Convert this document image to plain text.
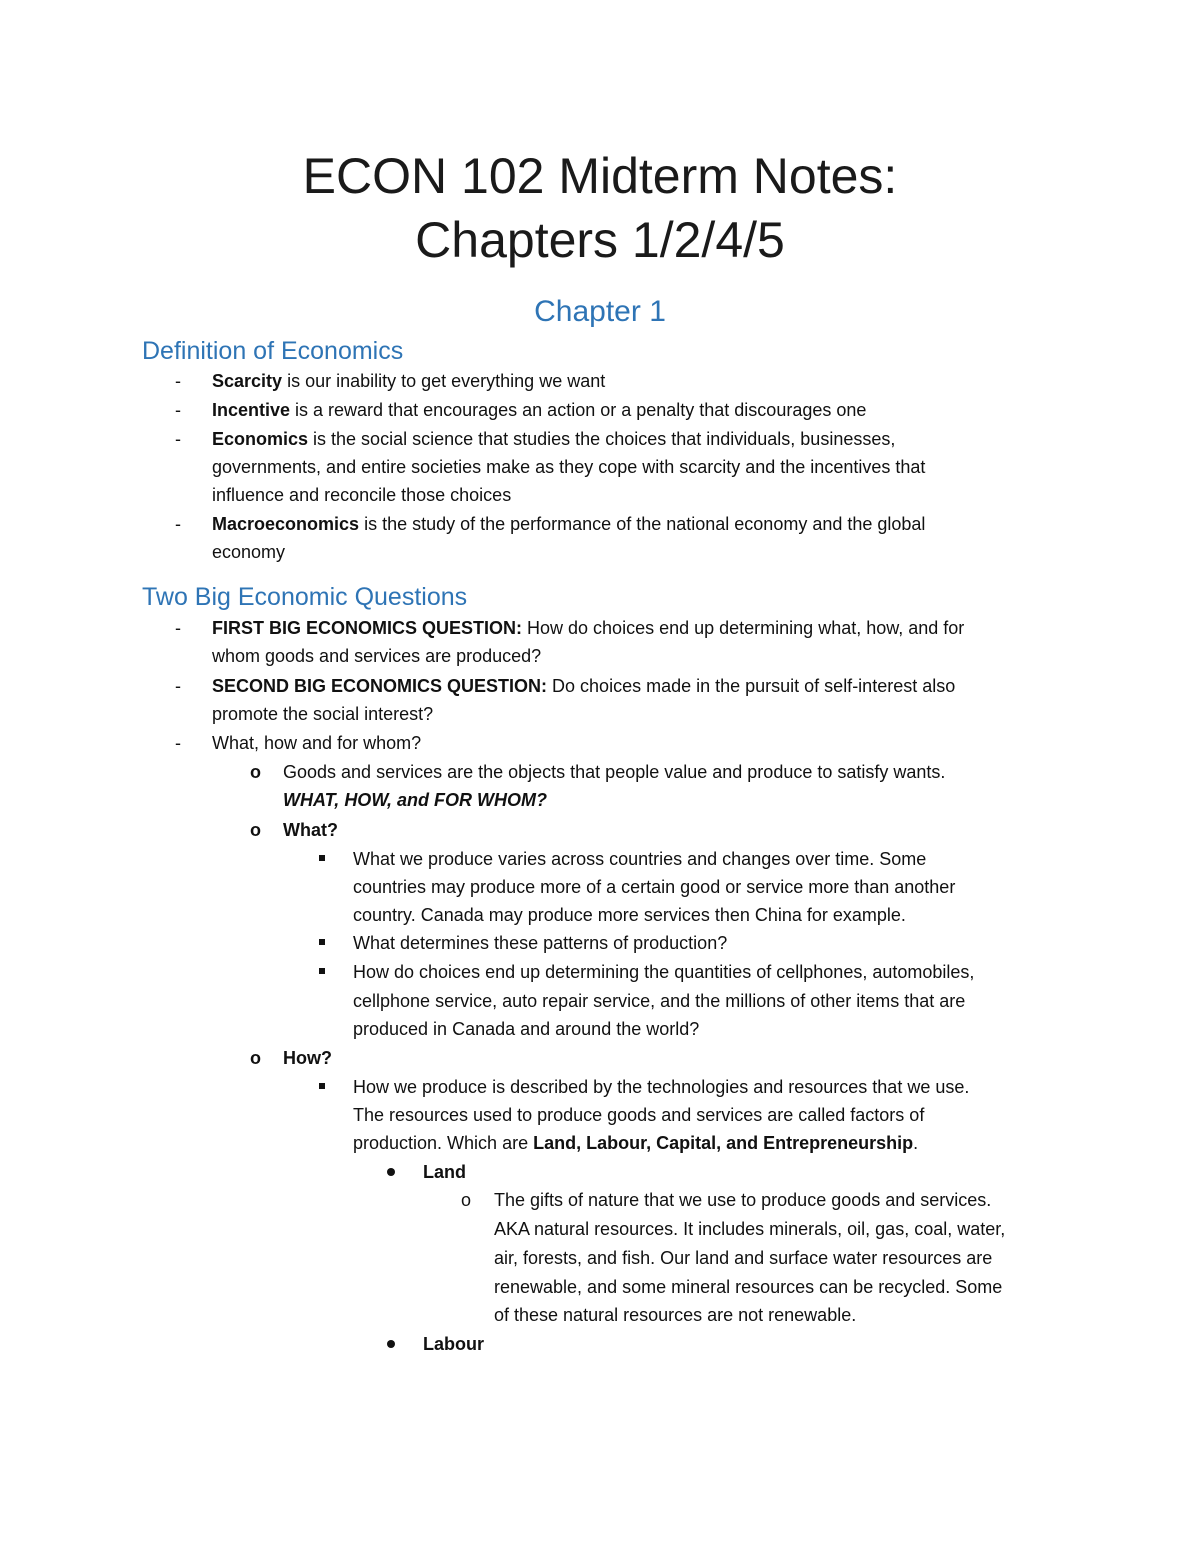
ECON 102 Midterm Notes:
Chapters 1/2/4/5
Chapter 1
Definition of Economics
- Scarcity is our inability to get everything we want
- Incentive is a reward that encourages an action or a penalty that discourages one
- Economics is the social science that studies the choices that individuals, businesses,
governments, and entire societies make as they cope with scarcity and the incentives that
influence and reconcile those choices
- Macroeconomics is the study of the performance of the national economy and the global
economy
Two Big Economic Questions
- FIRST BIG ECONOMICS QUESTION: How do choices end up determining what, how, and for
whom goods and services are produced?
- SECOND BIG ECONOMICS QUESTION: Do choices made in the pursuit of self-interest also
promote the social interest?
- What, how and for whom?
o Goods and services are the objects that people value and produce to satisfy wants.
WHAT, HOW, and FOR WHOM?
o What?
What we produce varies across countries and changes over time. Some
countries may produce more of a certain good or service more than another
country. Canada may produce more services then China for example.
What determines these patterns of production?
How do choices end up determining the quantities of cellphones, automobiles,
cellphone service, auto repair service, and the millions of other items that are
produced in Canada and around the world?
o How?
How we produce is described by the technologies and resources that we use.
The resources used to produce goods and services are called factors of
production. Which are Land, Labour, Capital, and Entrepreneurship.
Land
o The gifts of nature that we use to produce goods and services.
AKA natural resources. It includes minerals, oil, gas, coal, water,
air, forests, and fish. Our land and surface water resources are
renewable, and some mineral resources can be recycled. Some
of these natural resources are not renewable.
Labour
